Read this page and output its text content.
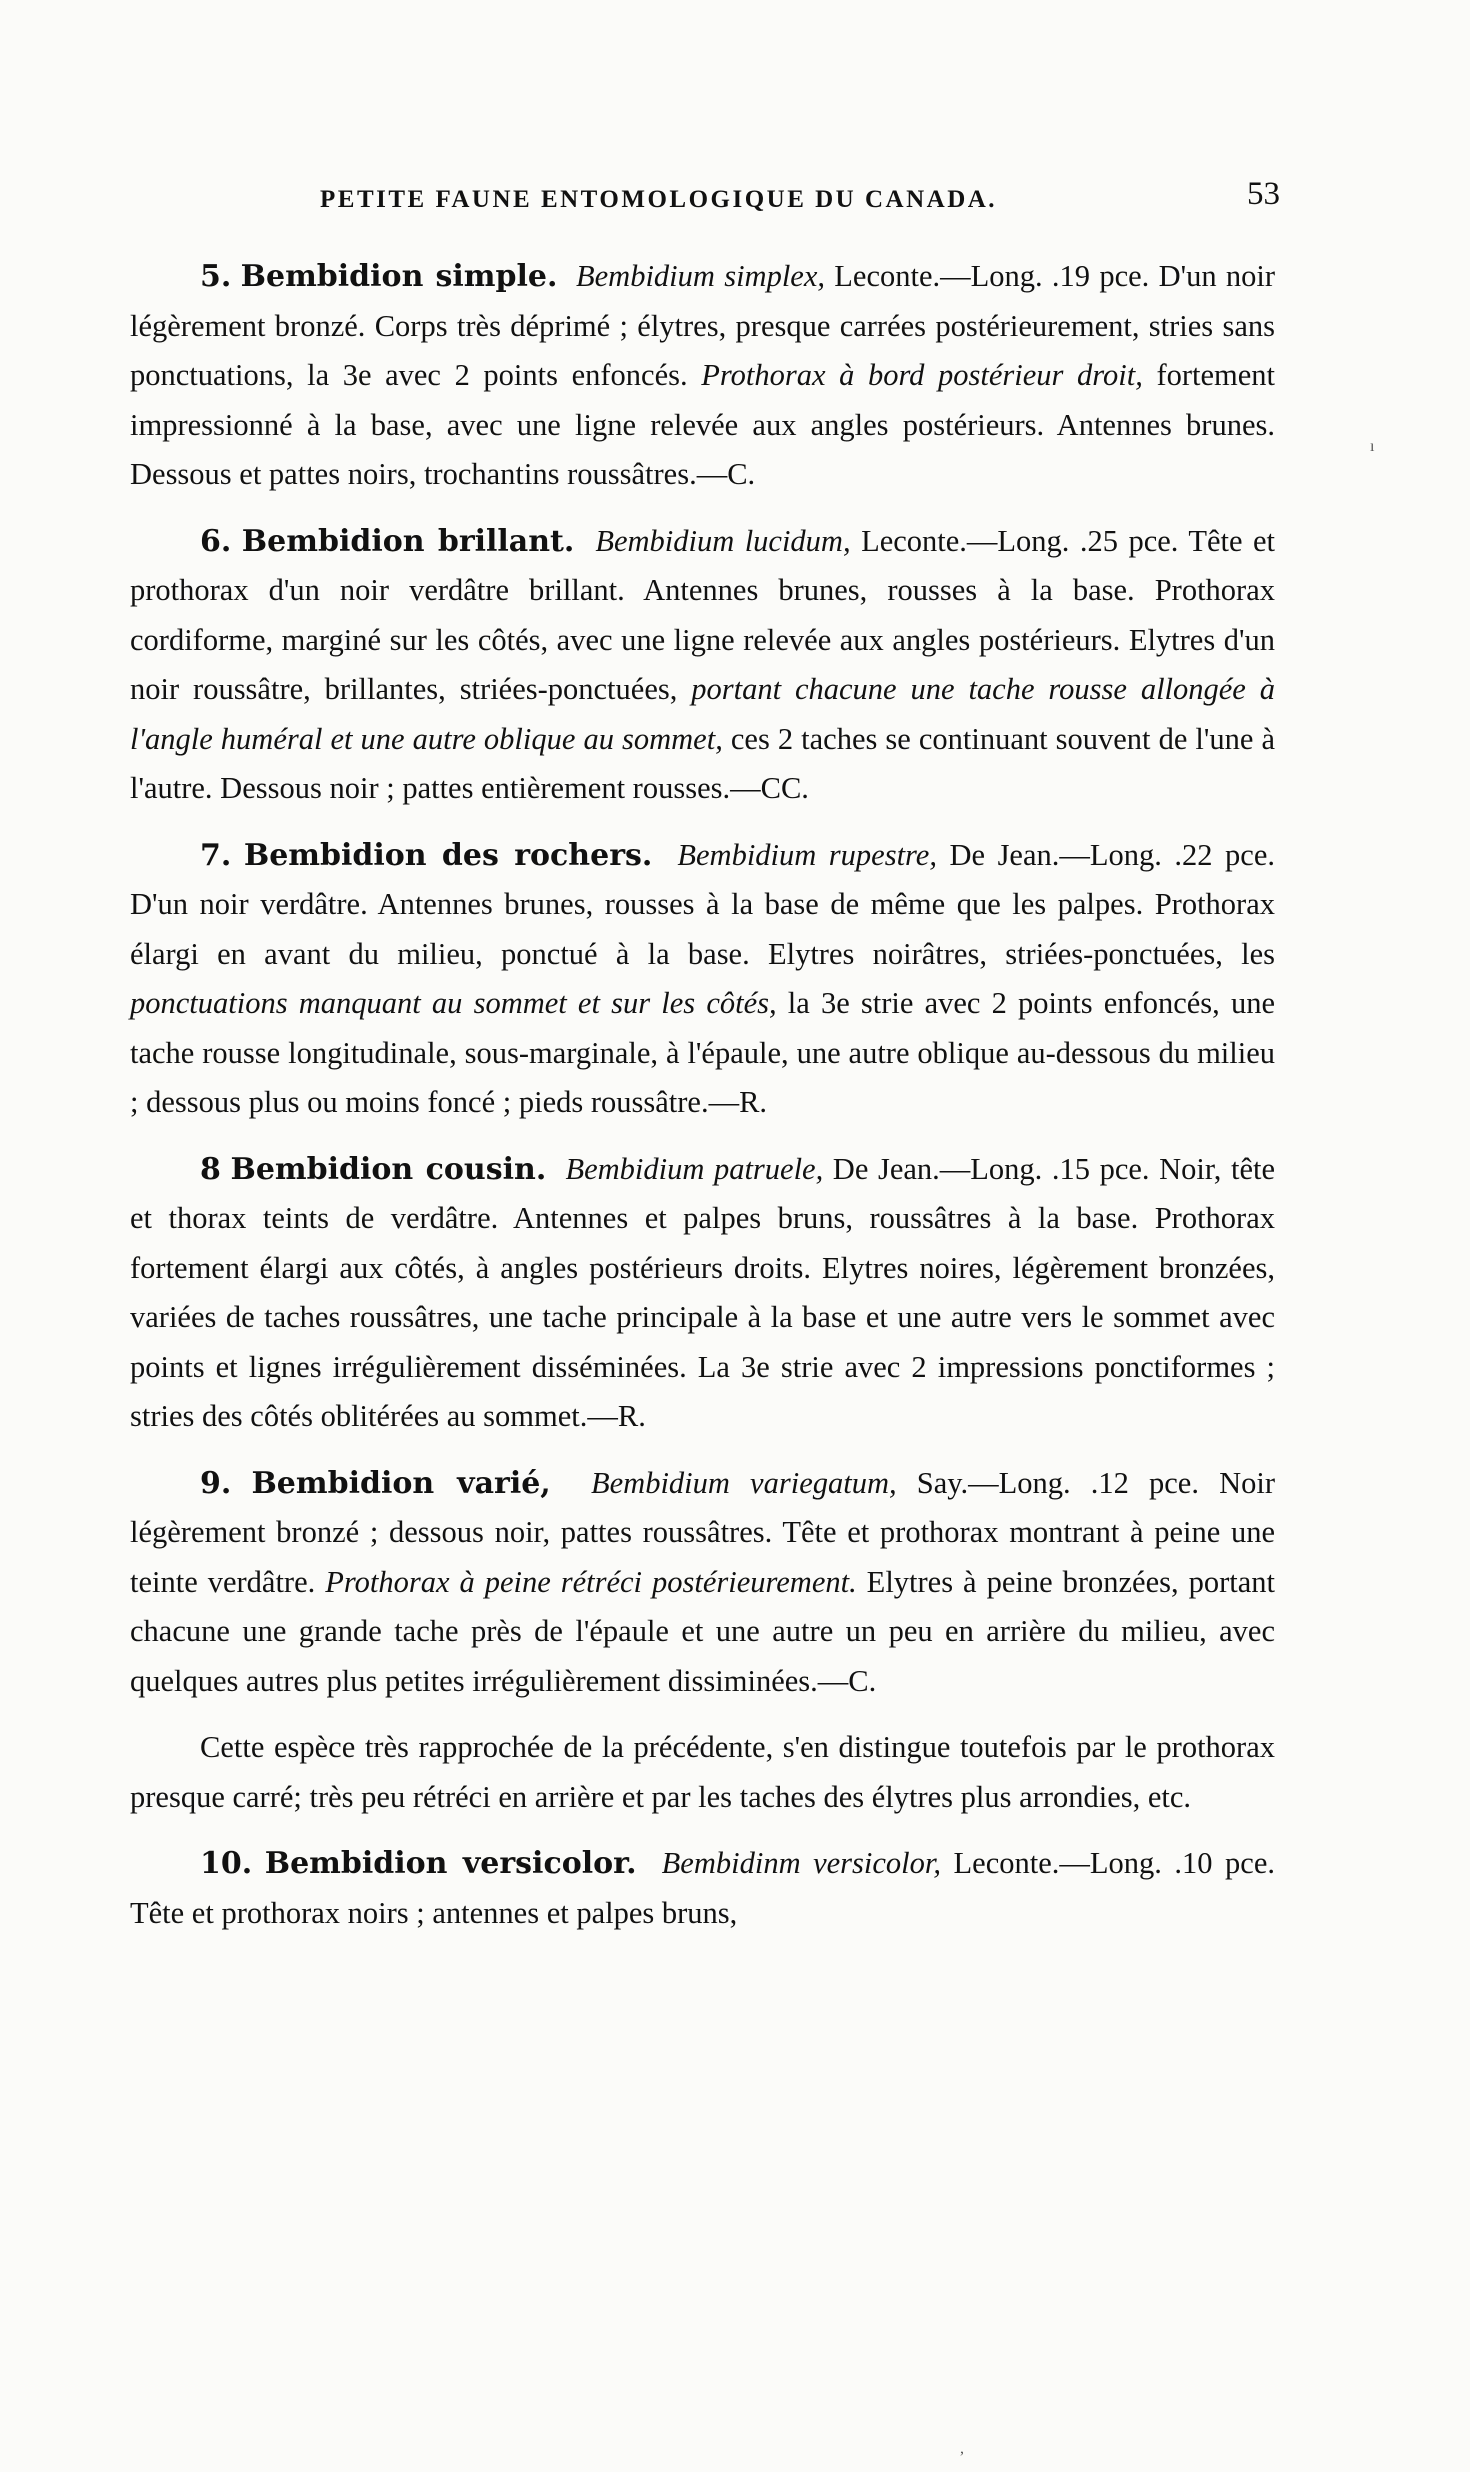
PETITE FAUNE ENTOMOLOGIQUE DU CANADA.	53

5. Bembidion simple. Bembidium simplex, Leconte.—Long. .19 pce. D'un noir légèrement bronzé. Corps très déprimé ; élytres, presque carrées postérieurement, stries sans ponctuations, la 3e avec 2 points enfoncés. Prothorax à bord postérieur droit, fortement impressionné à la base, avec une ligne relevée aux angles postérieurs. Antennes brunes. Dessous et pattes noirs, trochantins roussâtres.—C.

6. Bembidion brillant. Bembidium lucidum, Leconte.—Long. .25 pce. Tête et prothorax d'un noir verdâtre brillant. Antennes brunes, rousses à la base. Prothorax cordiforme, marginé sur les côtés, avec une ligne relevée aux angles postérieurs. Elytres d'un noir roussâtre, brillantes, striées-ponctuées, portant chacune une tache rousse allongée à l'angle huméral et une autre oblique au sommet, ces 2 taches se continuant souvent de l'une à l'autre. Dessous noir ; pattes entièrement rousses.—CC.

7. Bembidion des rochers. Bembidium rupestre, De Jean.—Long. .22 pce. D'un noir verdâtre. Antennes brunes, rousses à la base de même que les palpes. Prothorax élargi en avant du milieu, ponctué à la base. Elytres noirâtres, striées-ponctuées, les ponctuations manquant au sommet et sur les côtés, la 3e strie avec 2 points enfoncés, une tache rousse longitudinale, sous-marginale, à l'épaule, une autre oblique au-dessous du milieu ; dessous plus ou moins foncé ; pieds roussâtre.—R.

8 Bembidion cousin. Bembidium patruele, De Jean.—Long. .15 pce. Noir, tête et thorax teints de verdâtre. Antennes et palpes bruns, roussâtres à la base. Prothorax fortement élargi aux côtés, à angles postérieurs droits. Elytres noires, légèrement bronzées, variées de taches roussâtres, une tache principale à la base et une autre vers le sommet avec points et lignes irrégulièrement disséminées. La 3e strie avec 2 impressions ponctiformes ; stries des côtés oblitérées au sommet.—R.

9. Bembidion varié, Bembidium variegatum, Say.—Long. .12 pce. Noir légèrement bronzé ; dessous noir, pattes roussâtres. Tête et prothorax montrant à peine une teinte verdâtre. Prothorax à peine rétréci postérieurement. Elytres à peine bronzées, portant chacune une grande tache près de l'épaule et une autre un peu en arrière du milieu, avec quelques autres plus petites irrégulièrement dissiminées.—C.

Cette espèce très rapprochée de la précédente, s'en distingue toutefois par le prothorax presque carré; très peu rétréci en arrière et par les taches des élytres plus arrondies, etc.

10. Bembidion versicolor. Bembidinm versicolor, Leconte.—Long. .10 pce. Tête et prothorax noirs ; antennes et palpes bruns,

ı
,
